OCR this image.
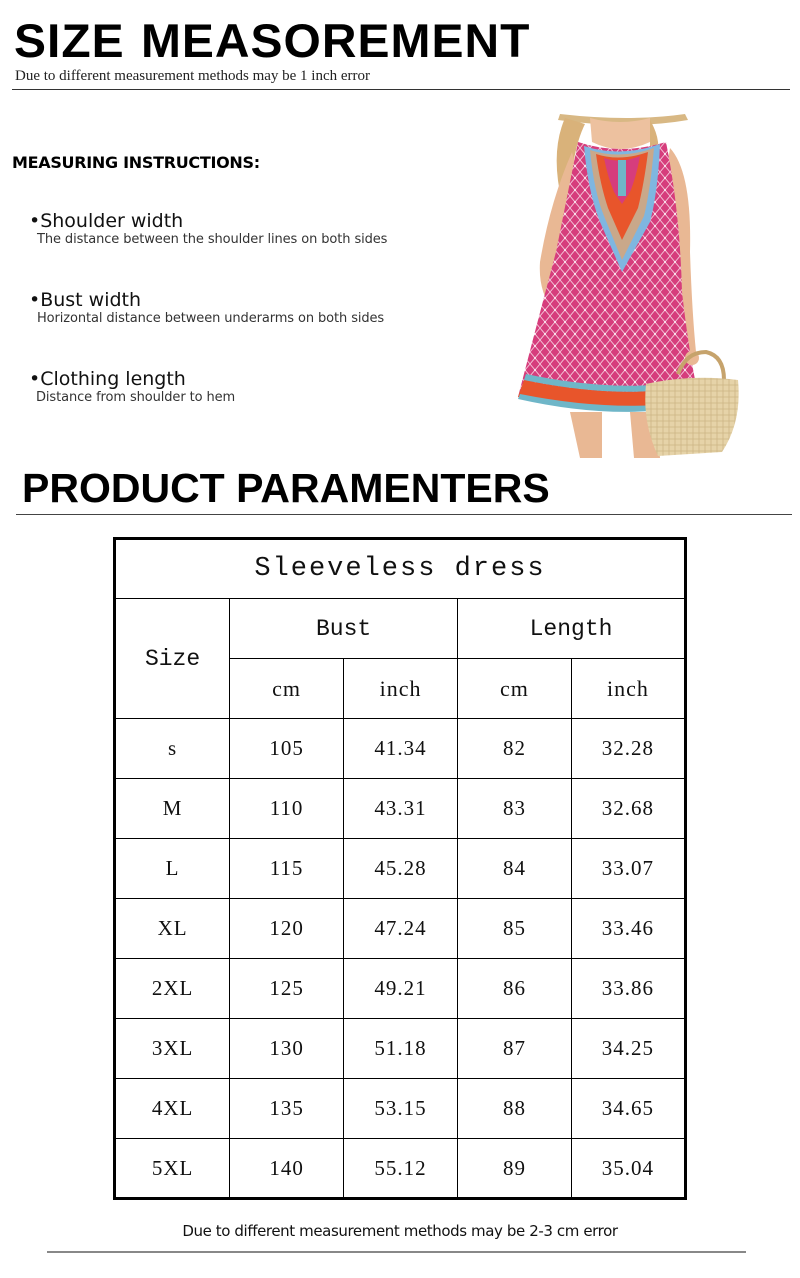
SIZE MEASOREMENT
Due to different measurement methods may be 1 inch error
MEASURING INSTRUCTIONS:
•Shoulder width
The distance between the shoulder lines on both sides
•Bust width
Horizontal distance between underarms on both sides
•Clothing length
Distance from shoulder to hem
PRODUCT PARAMENTERS
Sleeveless dress				
Size	Bust		Length	
	cm	inch	cm	inch
s	105	41.34	82	32.28
M	110	43.31	83	32.68
L	115	45.28	84	33.07
XL	120	47.24	85	33.46
2XL	125	49.21	86	33.86
3XL	130	51.18	87	34.25
4XL	135	53.15	88	34.65
5XL	140	55.12	89	35.04
Due to different measurement methods may be 2-3 cm error
